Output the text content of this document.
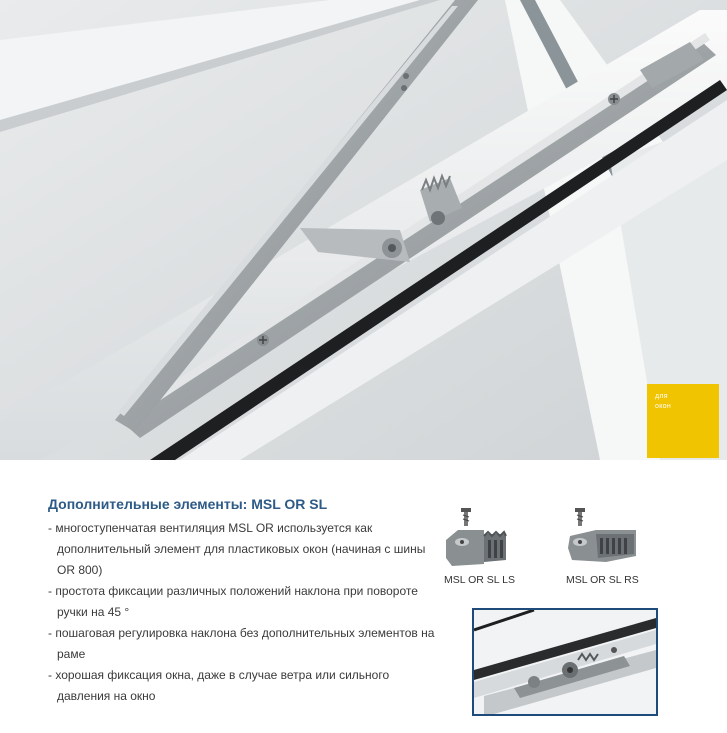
для
окон
Дополнительные элементы: MSL OR SL
- многоступенчатая вентиляция MSL OR используется как дополнительный элемент для пластиковых окон (начиная с шины OR 800)
- простота фиксации различных положений наклона при повороте ручки на 45 °
- пошаговая регулировка наклона без дополнительных элементов на раме
- хорошая фиксация окна, даже в случае ветра или сильного давления на окно
MSL OR SL LS	MSL OR SL RS
